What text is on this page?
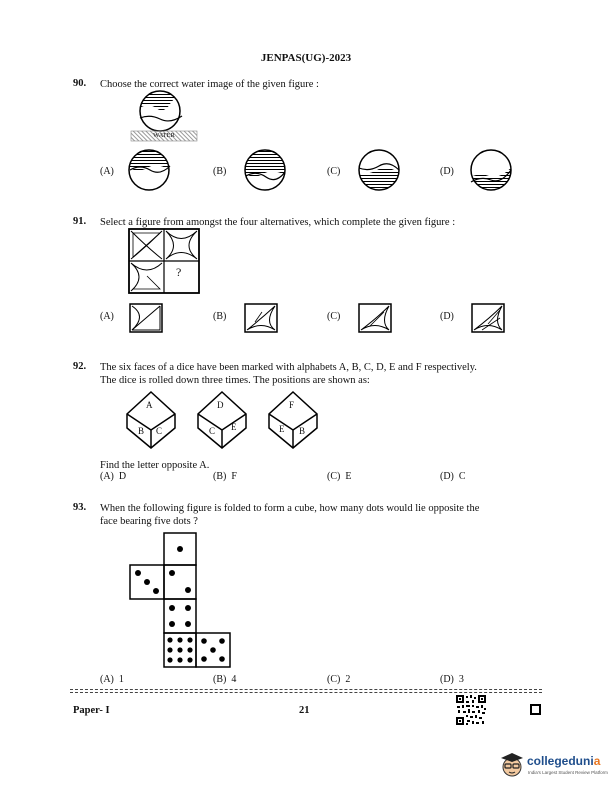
JENPAS(UG)-2023
90. Choose the correct water image of the given figure :
WATER
(A)	(B)	(C)	(D)
91. Select a figure from amongst the four alternatives, which complete the given figure :
?
(A)	(B)	(C)	(D)
92. The six faces of a dice have been marked with alphabets A, B, C, D, E and F respectively.
The dice is rolled down three times. The positions are shown as:
A
B C
D
C E
F
E B
Find the letter opposite A.
(A) D	(B) F	(C) E	(D) C
93. When the following figure is folded to form a cube, how many dots would lie opposite the
face bearing five dots ?
(A) 1	(B) 4	(C) 2	(D) 3
Paper- I	21
collegedunia
India's Largest Student Review Platform
